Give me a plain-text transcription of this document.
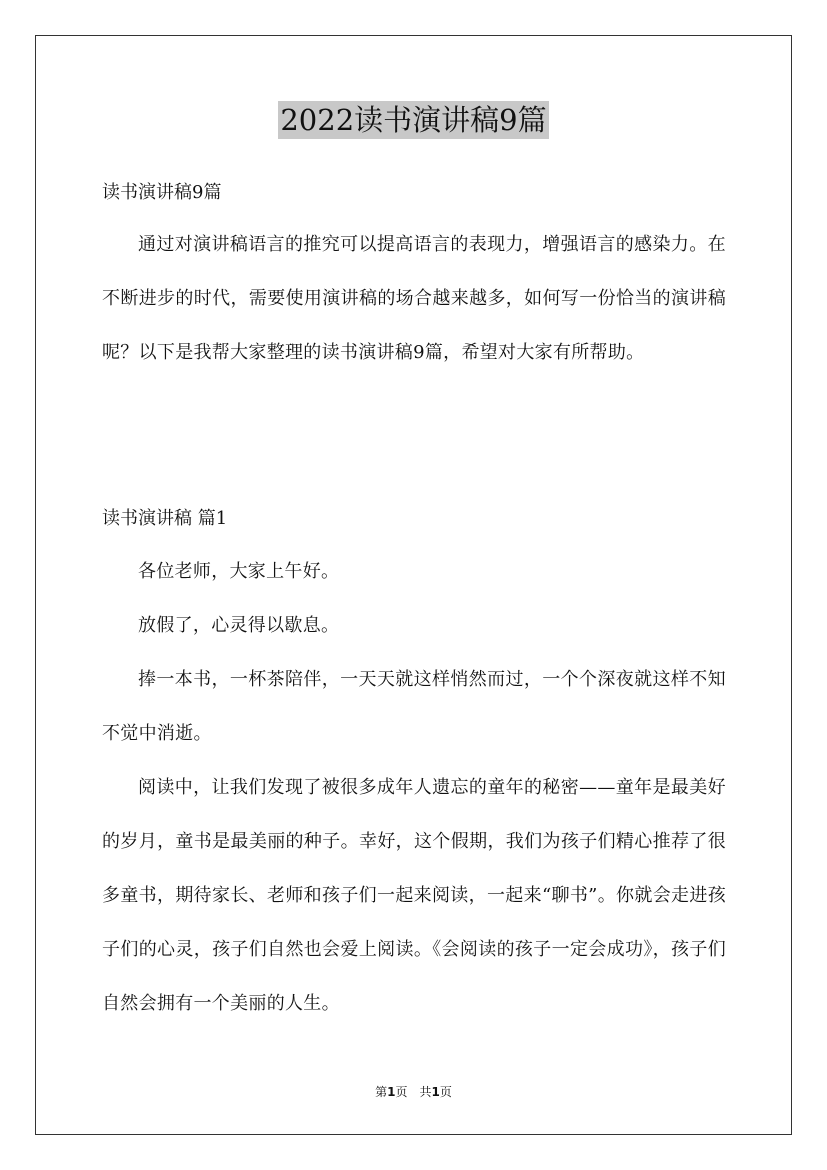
2022读书演讲稿9篇
读书演讲稿9篇

通过对演讲稿语言的推究可以提高语言的表现力，增强语言的感染力。在不断进步的时代，需要使用演讲稿的场合越来越多，如何写一份恰当的演讲稿呢？以下是我帮大家整理的读书演讲稿9篇，希望对大家有所帮助。

读书演讲稿 篇1

各位老师，大家上午好。

放假了，心灵得以歇息。

捧一本书，一杯茶陪伴，一天天就这样悄然而过，一个个深夜就这样不知不觉中消逝。

阅读中，让我们发现了被很多成年人遗忘的童年的秘密——童年是最美好的岁月，童书是最美丽的种子。幸好，这个假期，我们为孩子们精心推荐了很多童书，期待家长、老师和孩子们一起来阅读，一起来“聊书”。你就会走进孩子们的心灵，孩子们自然也会爱上阅读。《会阅读的孩子一定会成功》，孩子们自然会拥有一个美丽的人生。

第1页　共1页
